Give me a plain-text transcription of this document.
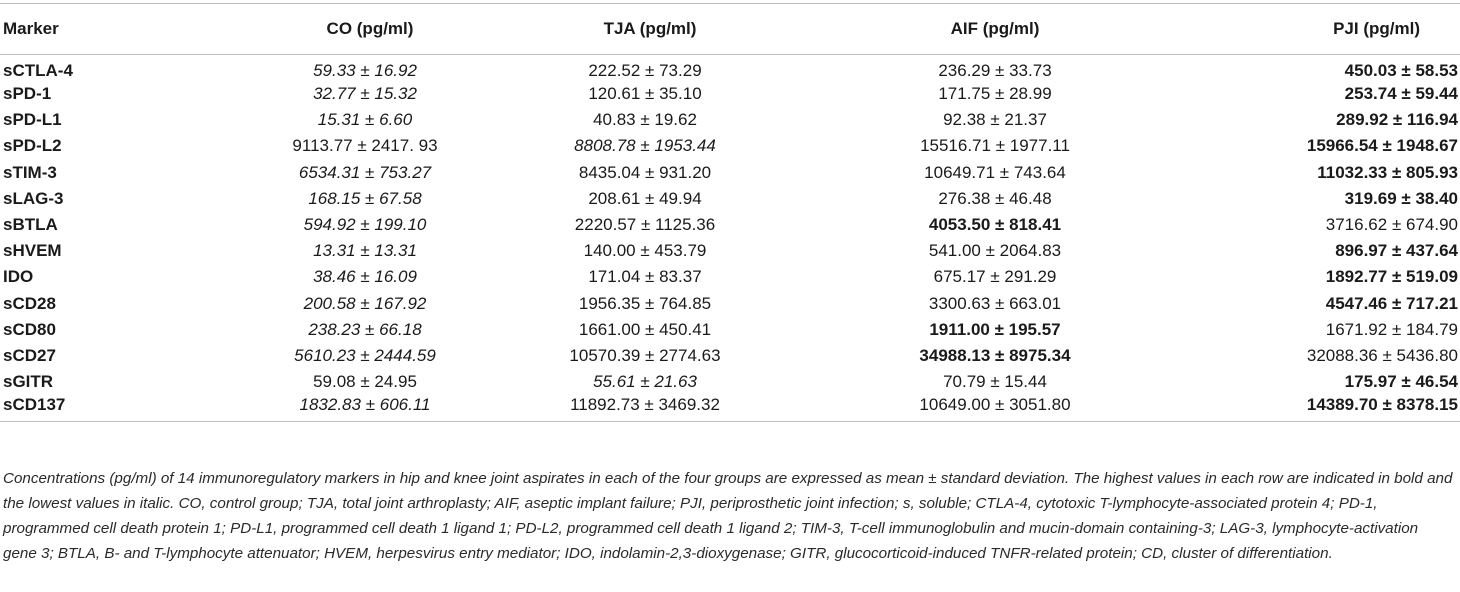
Marker	CO (pg/ml)	TJA (pg/ml)	AIF (pg/ml)	PJI (pg/ml)
sCTLA-4	59.33 ± 16.92	222.52 ± 73.29	236.29 ± 33.73	450.03 ± 58.53
sPD-1	32.77 ± 15.32	120.61 ± 35.10	171.75 ± 28.99	253.74 ± 59.44
sPD-L1	15.31 ± 6.60	40.83 ± 19.62	92.38 ± 21.37	289.92 ± 116.94
sPD-L2	9113.77 ± 2417. 93	8808.78 ± 1953.44	15516.71 ± 1977.11	15966.54 ± 1948.67
sTIM-3	6534.31 ± 753.27	8435.04 ± 931.20	10649.71 ± 743.64	11032.33 ± 805.93
sLAG-3	168.15 ± 67.58	208.61 ± 49.94	276.38 ± 46.48	319.69 ± 38.40
sBTLA	594.92 ± 199.10	2220.57 ± 1125.36	4053.50 ± 818.41	3716.62 ± 674.90
sHVEM	13.31 ± 13.31	140.00 ± 453.79	541.00 ± 2064.83	896.97 ± 437.64
IDO	38.46 ± 16.09	171.04 ± 83.37	675.17 ± 291.29	1892.77 ± 519.09
sCD28	200.58 ± 167.92	1956.35 ± 764.85	3300.63 ± 663.01	4547.46 ± 717.21
sCD80	238.23 ± 66.18	1661.00 ± 450.41	1911.00 ± 195.57	1671.92 ± 184.79
sCD27	5610.23 ± 2444.59	10570.39 ± 2774.63	34988.13 ± 8975.34	32088.36 ± 5436.80
sGITR	59.08 ± 24.95	55.61 ± 21.63	70.79 ± 15.44	175.97 ± 46.54
sCD137	1832.83 ± 606.11	11892.73 ± 3469.32	10649.00 ± 3051.80	14389.70 ± 8378.15

Concentrations (pg/ml) of 14 immunoregulatory markers in hip and knee joint aspirates in each of the four groups are expressed as mean ± standard deviation. The highest values in each row are indicated in bold and the lowest values in italic. CO, control group; TJA, total joint arthroplasty; AIF, aseptic implant failure; PJI, periprosthetic joint infection; s, soluble; CTLA-4, cytotoxic T-lymphocyte-associated protein 4; PD-1, programmed cell death protein 1; PD-L1, programmed cell death 1 ligand 1; PD-L2, programmed cell death 1 ligand 2; TIM-3, T-cell immunoglobulin and mucin-domain containing-3; LAG-3, lymphocyte-activation gene 3; BTLA, B- and T-lymphocyte attenuator; HVEM, herpesvirus entry mediator; IDO, indolamin-2,3-dioxygenase; GITR, glucocorticoid-induced TNFR-related protein; CD, cluster of differentiation.
